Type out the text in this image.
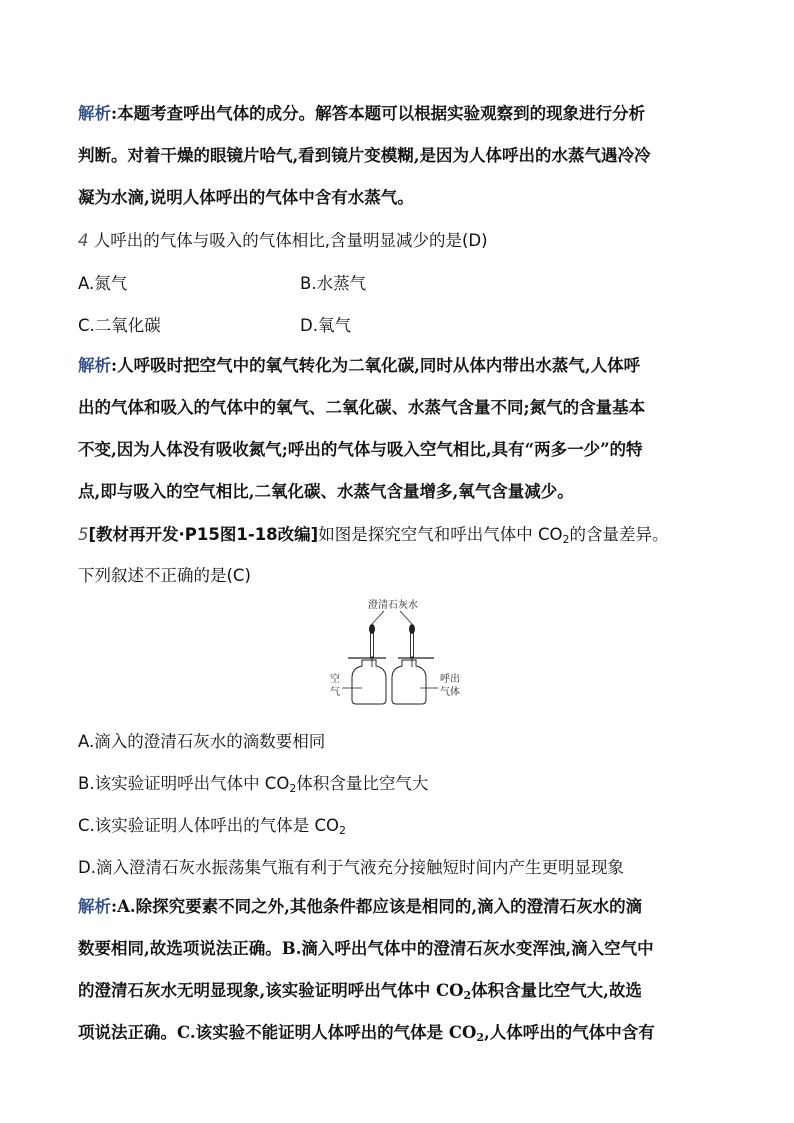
解析:本题考查呼出气体的成分。解答本题可以根据实验观察到的现象进行分析
判断。对着干燥的眼镜片哈气,看到镜片变模糊,是因为人体呼出的水蒸气遇冷冷
凝为水滴,说明人体呼出的气体中含有水蒸气。
4 人呼出的气体与吸入的气体相比,含量明显减少的是(D)
A.氮气	B.水蒸气
C.二氧化碳	D.氧气
解析:人呼吸时把空气中的氧气转化为二氧化碳,同时从体内带出水蒸气,人体呼
出的气体和吸入的气体中的氧气、二氧化碳、水蒸气含量不同;氮气的含量基本
不变,因为人体没有吸收氮气;呼出的气体与吸入空气相比,具有“两多一少”的特
点,即与吸入的空气相比,二氧化碳、水蒸气含量增多,氧气含量减少。
5[教材再开发·P15图1-18改编]如图是探究空气和呼出气体中 $CO_2$的含量差异。
下列叙述不正确的是(C)
澄清石灰水
空
气
呼出
气体
A.滴入的澄清石灰水的滴数要相同
B.该实验证明呼出气体中 $CO_2$体积含量比空气大
C.该实验证明人体呼出的气体是 $CO_2$
D.滴入澄清石灰水振荡集气瓶有利于气液充分接触短时间内产生更明显现象
解析:A.除探究要素不同之外,其他条件都应该是相同的,滴入的澄清石灰水的滴
数要相同,故选项说法正确。B.滴入呼出气体中的澄清石灰水变浑浊,滴入空气中
的澄清石灰水无明显现象,该实验证明呼出气体中 $CO_2$体积含量比空气大,故选
项说法正确。C.该实验不能证明人体呼出的气体是 $CO_2$,人体呼出的气体中含有
